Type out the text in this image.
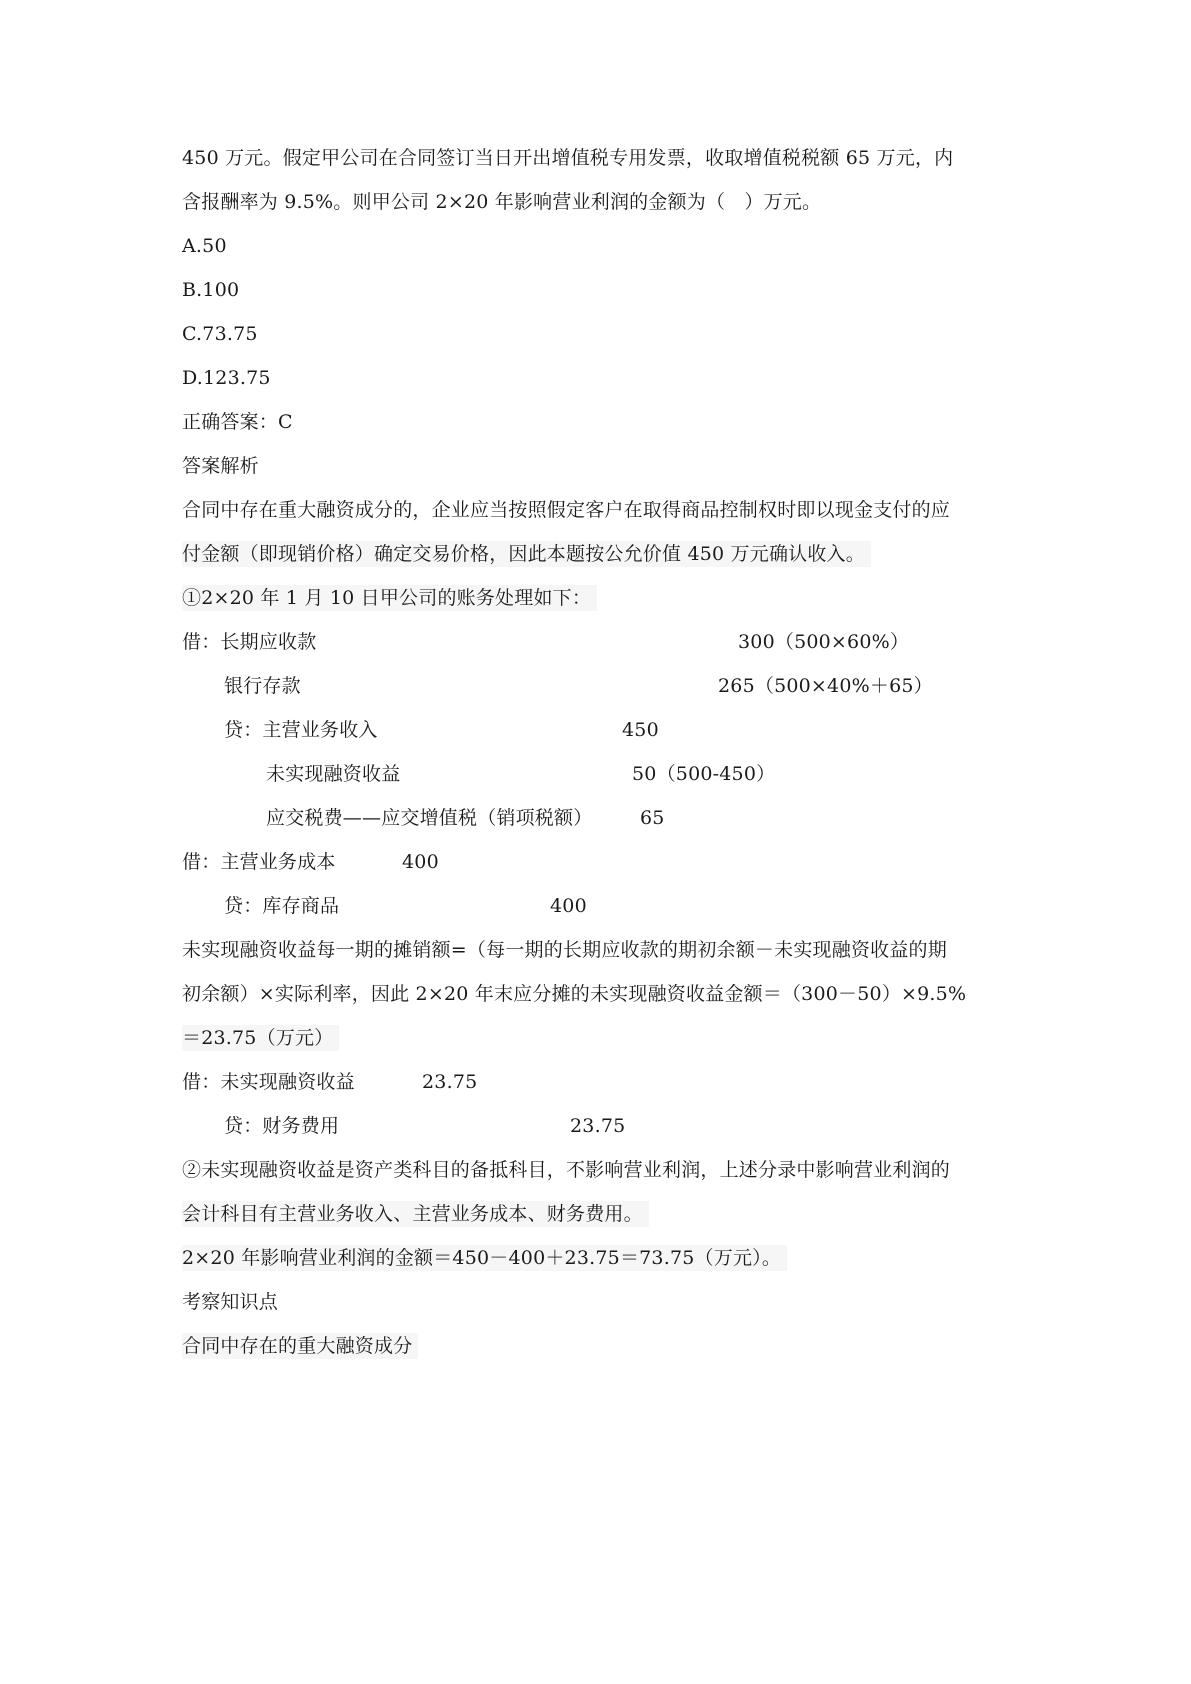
450 万元。假定甲公司在合同签订当日开出增值税专用发票，收取增值税税额 65 万元，内
含报酬率为 9.5%。则甲公司 2×20 年影响营业利润的金额为（　）万元。
A.50
B.100
C.73.75
D.123.75
正确答案：C
答案解析
合同中存在重大融资成分的，企业应当按照假定客户在取得商品控制权时即以现金支付的应
付金额（即现销价格）确定交易价格，因此本题按公允价值 450 万元确认收入。
①2×20 年 1 月 10 日甲公司的账务处理如下：
借：长期应收款	300（500×60%）
银行存款	265（500×40%＋65）
贷：主营业务收入	450
未实现融资收益	50（500-450）
应交税费——应交增值税（销项税额）	65
借：主营业务成本	400
贷：库存商品	400
未实现融资收益每一期的摊销额=（每一期的长期应收款的期初余额－未实现融资收益的期
初余额）×实际利率，因此 2×20 年末应分摊的未实现融资收益金额＝（300－50）×9.5%
＝23.75（万元）
借：未实现融资收益	23.75
贷：财务费用	23.75
②未实现融资收益是资产类科目的备抵科目，不影响营业利润，上述分录中影响营业利润的
会计科目有主营业务收入、主营业务成本、财务费用。
2×20 年影响营业利润的金额＝450－400＋23.75＝73.75（万元）。
考察知识点
合同中存在的重大融资成分
